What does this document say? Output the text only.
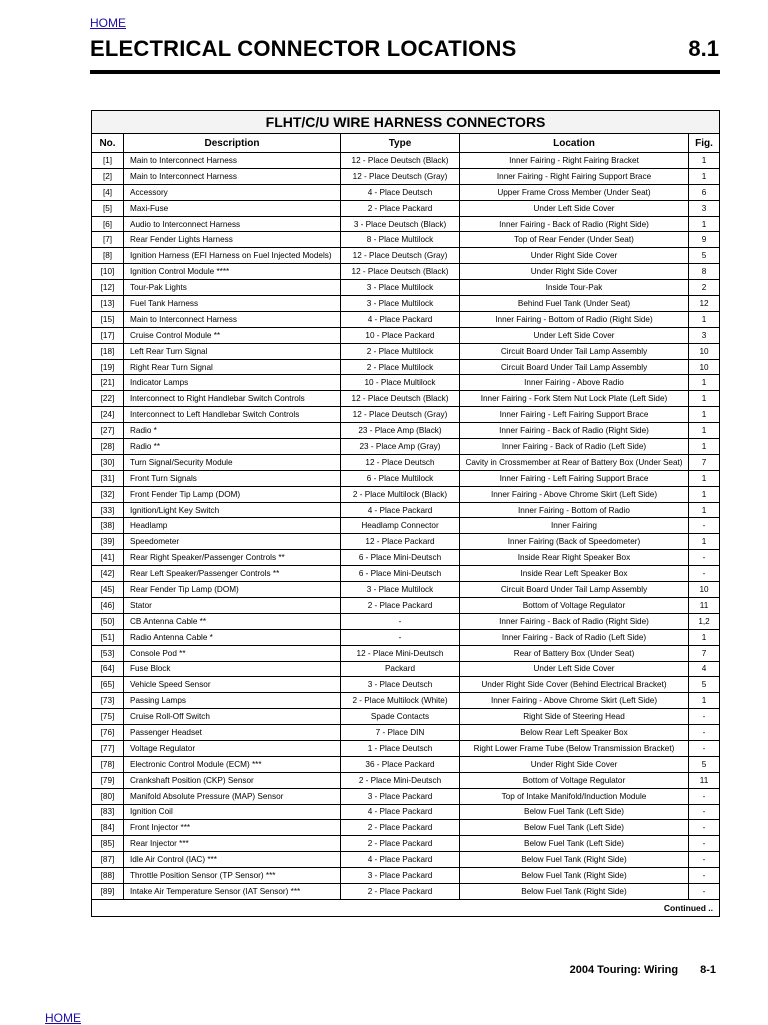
HOME
ELECTRICAL CONNECTOR LOCATIONS	8.1
FLHT/C/U WIRE HARNESS CONNECTORS				
No.	Description	Type	Location	Fig.
[1]	Main to Interconnect Harness	12 - Place Deutsch (Black)	Inner Fairing - Right Fairing Bracket	1
[2]	Main to Interconnect Harness	12 - Place Deutsch (Gray)	Inner Fairing - Right Fairing Support Brace	1
[4]	Accessory	4 - Place Deutsch	Upper Frame Cross Member (Under Seat)	6
[5]	Maxi-Fuse	2 - Place Packard	Under Left Side Cover	3
[6]	Audio to Interconnect Harness	3 - Place Deutsch (Black)	Inner Fairing - Back of Radio (Right Side)	1
[7]	Rear Fender Lights Harness	8 - Place Multilock	Top of Rear Fender (Under Seat)	9
[8]	Ignition Harness (EFI Harness on Fuel Injected Models)	12 - Place Deutsch (Gray)	Under Right Side Cover	5
[10]	Ignition Control Module ****	12 - Place Deutsch (Black)	Under Right Side Cover	8
[12]	Tour-Pak Lights	3 - Place Multilock	Inside Tour-Pak	2
[13]	Fuel Tank Harness	3 - Place Multilock	Behind Fuel Tank (Under Seat)	12
[15]	Main to Interconnect Harness	4 - Place Packard	Inner Fairing - Bottom of Radio (Right Side)	1
[17]	Cruise Control Module **	10 - Place Packard	Under Left Side Cover	3
[18]	Left Rear Turn Signal	2 - Place Multilock	Circuit Board Under Tail Lamp Assembly	10
[19]	Right Rear Turn Signal	2 - Place Multilock	Circuit Board Under Tail Lamp Assembly	10
[21]	Indicator Lamps	10 - Place Multilock	Inner Fairing - Above Radio	1
[22]	Interconnect to Right Handlebar Switch Controls	12 - Place Deutsch (Black)	Inner Fairing - Fork Stem Nut Lock Plate (Left Side)	1
[24]	Interconnect to Left Handlebar Switch Controls	12 - Place Deutsch (Gray)	Inner Fairing - Left Fairing Support Brace	1
[27]	Radio *	23 - Place Amp (Black)	Inner Fairing - Back of Radio (Right Side)	1
[28]	Radio **	23 - Place Amp (Gray)	Inner Fairing - Back of Radio (Left Side)	1
[30]	Turn Signal/Security Module	12 - Place Deutsch	Cavity in Crossmember at Rear of Battery Box (Under Seat)	7
[31]	Front Turn Signals	6 - Place Multilock	Inner Fairing - Left Fairing Support Brace	1
[32]	Front Fender Tip Lamp (DOM)	2 - Place Multilock (Black)	Inner Fairing - Above Chrome Skirt (Left Side)	1
[33]	Ignition/Light Key Switch	4 - Place Packard	Inner Fairing - Bottom of Radio	1
[38]	Headlamp	Headlamp Connector	Inner Fairing	-
[39]	Speedometer	12 - Place Packard	Inner Fairing (Back of Speedometer)	1
[41]	Rear Right Speaker/Passenger Controls **	6 - Place Mini-Deutsch	Inside Rear Right Speaker Box	-
[42]	Rear Left Speaker/Passenger Controls **	6 - Place Mini-Deutsch	Inside Rear Left Speaker Box	-
[45]	Rear Fender Tip Lamp (DOM)	3 - Place Multilock	Circuit Board Under Tail Lamp Assembly	10
[46]	Stator	2 - Place Packard	Bottom of Voltage Regulator	11
[50]	CB Antenna Cable **	-	Inner Fairing - Back of Radio (Right Side)	1,2
[51]	Radio Antenna Cable *	-	Inner Fairing - Back of Radio (Left Side)	1
[53]	Console Pod **	12 - Place Mini-Deutsch	Rear of Battery Box (Under Seat)	7
[64]	Fuse Block	Packard	Under Left Side Cover	4
[65]	Vehicle Speed Sensor	3 - Place Deutsch	Under Right Side Cover (Behind Electrical Bracket)	5
[73]	Passing Lamps	2 - Place Multilock (White)	Inner Fairing - Above Chrome Skirt (Left Side)	1
[75]	Cruise Roll-Off Switch	Spade Contacts	Right Side of Steering Head	-
[76]	Passenger Headset	7 - Place DIN	Below Rear Left Speaker Box	-
[77]	Voltage Regulator	1 - Place Deutsch	Right Lower Frame Tube (Below Transmission Bracket)	-
[78]	Electronic Control Module (ECM) ***	36 - Place Packard	Under Right Side Cover	5
[79]	Crankshaft Position (CKP) Sensor	2 - Place Mini-Deutsch	Bottom of Voltage Regulator	11
[80]	Manifold Absolute Pressure (MAP) Sensor	3 - Place Packard	Top of Intake Manifold/Induction Module	-
[83]	Ignition Coil	4 - Place Packard	Below Fuel Tank (Left Side)	-
[84]	Front Injector ***	2 - Place Packard	Below Fuel Tank (Left Side)	-
[85]	Rear Injector ***	2 - Place Packard	Below Fuel Tank (Left Side)	-
[87]	Idle Air Control (IAC) ***	4 - Place Packard	Below Fuel Tank (Right Side)	-
[88]	Throttle Position Sensor (TP Sensor) ***	3 - Place Packard	Below Fuel Tank (Right Side)	-
[89]	Intake Air Temperature Sensor (IAT Sensor) ***	2 - Place Packard	Below Fuel Tank (Right Side)	-
Continued ..				
2004 Touring: Wiring 8-1
HOME
